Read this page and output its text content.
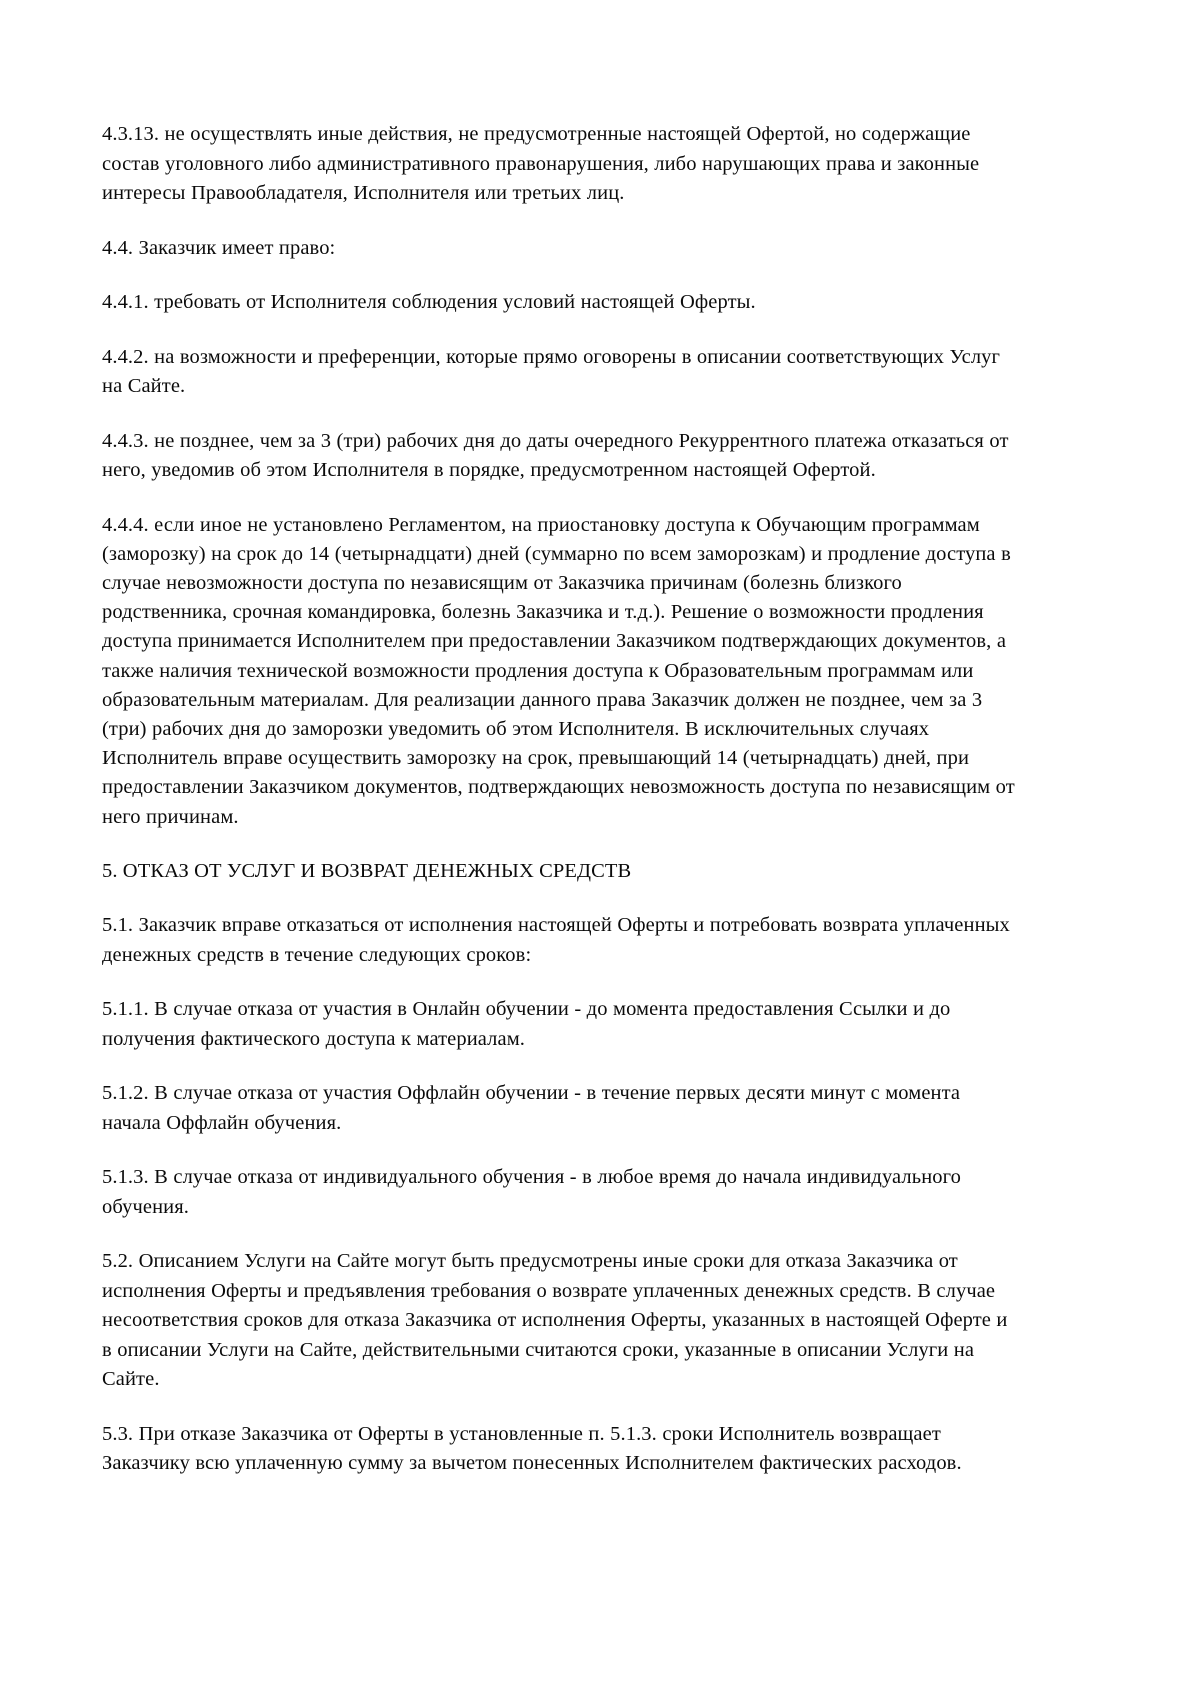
4.3.13. не осуществлять иные действия, не предусмотренные настоящей Офертой, но содержащие состав уголовного либо административного правонарушения, либо нарушающих права и законные интересы Правообладателя, Исполнителя или третьих лиц.

4.4. Заказчик имеет право:

4.4.1. требовать от Исполнителя соблюдения условий настоящей Оферты.

4.4.2. на возможности и преференции, которые прямо оговорены в описании соответствующих Услуг на Сайте.

4.4.3. не позднее, чем за 3 (три) рабочих дня до даты очередного Рекуррентного платежа отказаться от него, уведомив об этом Исполнителя в порядке, предусмотренном настоящей Офертой.

4.4.4. если иное не установлено Регламентом, на приостановку доступа к Обучающим программам (заморозку) на срок до 14 (четырнадцати) дней (суммарно по всем заморозкам) и продление доступа в случае невозможности доступа по независящим от Заказчика причинам (болезнь близкого родственника, срочная командировка, болезнь Заказчика и т.д.). Решение о возможности продления доступа принимается Исполнителем при предоставлении Заказчиком подтверждающих документов, а также наличия технической возможности продления доступа к Образовательным программам или образовательным материалам. Для реализации данного права Заказчик должен не позднее, чем за 3 (три) рабочих дня до заморозки уведомить об этом Исполнителя. В исключительных случаях Исполнитель вправе осуществить заморозку на срок, превышающий 14 (четырнадцать) дней, при предоставлении Заказчиком документов, подтверждающих невозможность доступа по независящим от него причинам.

5. ОТКАЗ ОТ УСЛУГ И ВОЗВРАТ ДЕНЕЖНЫХ СРЕДСТВ

5.1. Заказчик вправе отказаться от исполнения настоящей Оферты и потребовать возврата уплаченных денежных средств в течение следующих сроков:

5.1.1. В случае отказа от участия в Онлайн обучении - до момента предоставления Ссылки и до получения фактического доступа к материалам.

5.1.2. В случае отказа от участия Оффлайн обучении - в течение первых десяти минут с момента начала Оффлайн обучения.

5.1.3. В случае отказа от индивидуального обучения - в любое время до начала индивидуального обучения.

5.2. Описанием Услуги на Сайте могут быть предусмотрены иные сроки для отказа Заказчика от исполнения Оферты и предъявления требования о возврате уплаченных денежных средств. В случае несоответствия сроков для отказа Заказчика от исполнения Оферты, указанных в настоящей Оферте и в описании Услуги на Сайте, действительными считаются сроки, указанные в описании Услуги на Сайте.

5.3. При отказе Заказчика от Оферты в установленные п. 5.1.3. сроки Исполнитель возвращает Заказчику всю уплаченную сумму за вычетом понесенных Исполнителем фактических расходов.
